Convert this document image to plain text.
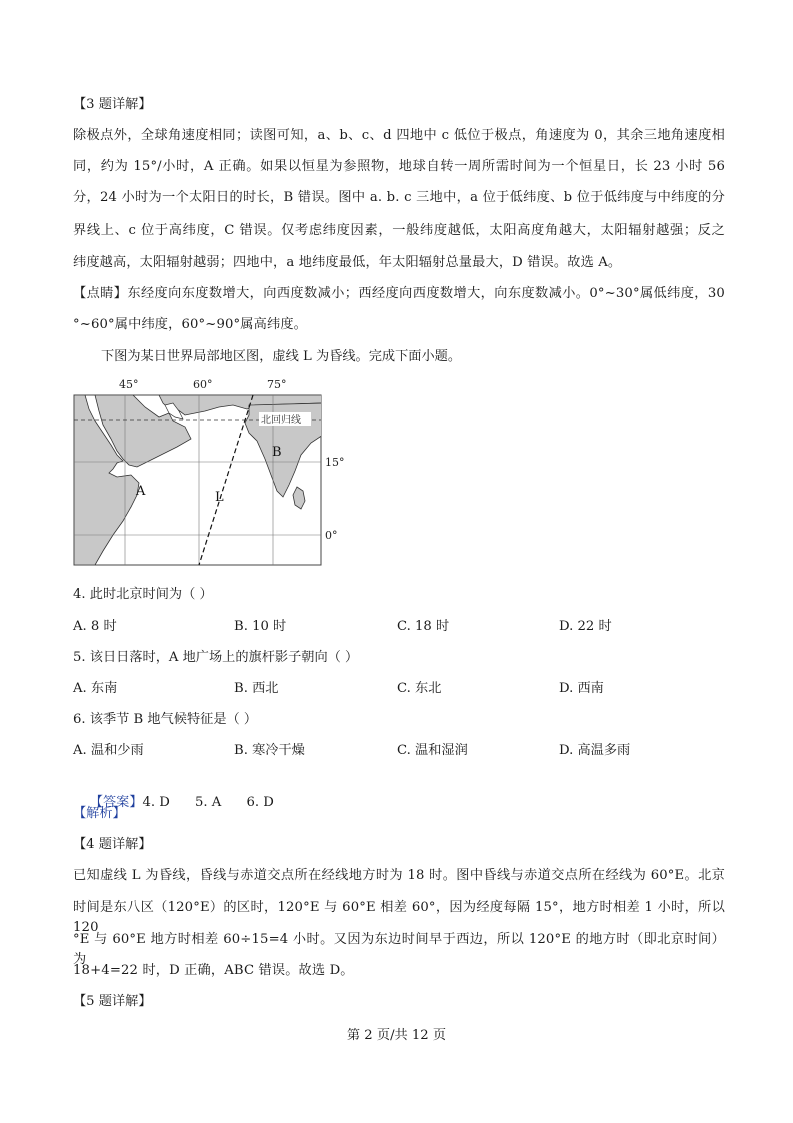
【3 题详解】
除极点外，全球角速度相同；读图可知，a、b、c、d 四地中 c 低位于极点，角速度为 0，其余三地角速度相
同，约为 15°/小时，A 正确。如果以恒星为参照物，地球自转一周所需时间为一个恒星日，长 23 小时 56
分，24 小时为一个太阳日的时长，B 错误。图中 a. b. c 三地中，a 位于低纬度、b 位于低纬度与中纬度的分
界线上、c 位于高纬度，C 错误。仅考虑纬度因素，一般纬度越低，太阳高度角越大，太阳辐射越强；反之
纬度越高，太阳辐射越弱；四地中，a 地纬度最低，年太阳辐射总量最大，D 错误。故选 A。
【点睛】东经度向东度数增大，向西度数减小；西经度向西度数增大，向东度数减小。0°~30°属低纬度，30
°~60°属中纬度，60°~90°属高纬度。
下图为某日世界局部地区图，虚线 L 为昏线。完成下面小题。
45°	60°	75°
北回归线
L
A
B
15°
0°
4. 此时北京时间为（ ）
A. 8 时	B. 10 时	C. 18 时	D. 22 时
5. 该日日落时，A 地广场上的旗杆影子朝向（ ）
A. 东南	B. 西北	C. 东北	D. 西南
6. 该季节 B 地气候特征是（ ）
A. 温和少雨	B. 寒冷干燥	C. 温和湿润	D. 高温多雨

【答案】4. D      5. A      6. D

【解析】
【4 题详解】
已知虚线 L 为昏线，昏线与赤道交点所在经线地方时为 18 时。图中昏线与赤道交点所在经线为 60°E。北京
时间是东八区（120°E）的区时，120°E 与 60°E 相差 60°，因为经度每隔 15°，地方时相差 1 小时，所以 120
°E 与 60°E 地方时相差 60÷15=4 小时。又因为东边时间早于西边，所以 120°E 的地方时（即北京时间）为
18+4=22 时，D 正确，ABC 错误。故选 D。
【5 题详解】
第 2 页/共 12 页
